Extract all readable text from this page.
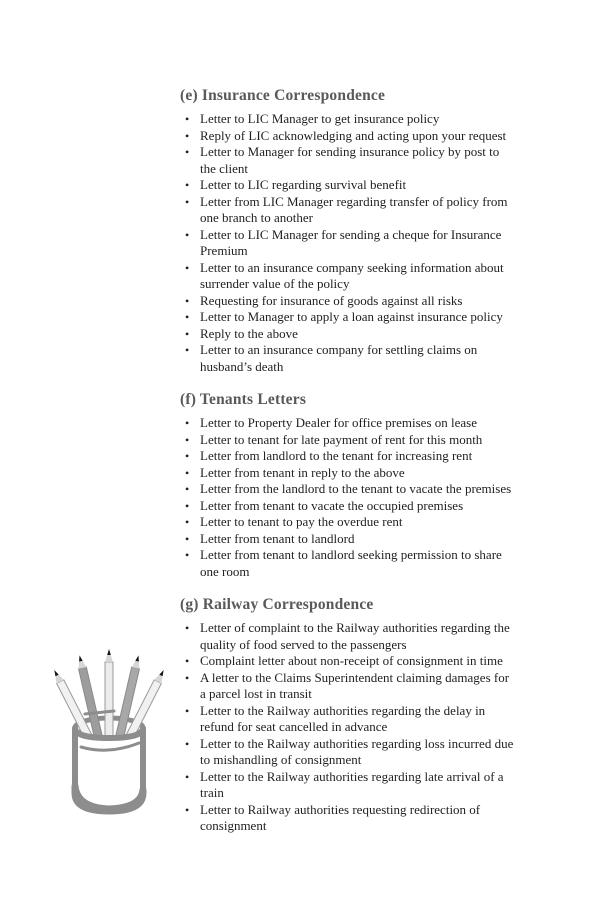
(e) Insurance Correspondence
• Letter to LIC Manager to get insurance policy
• Reply of LIC acknowledging and acting upon your request
• Letter to Manager for sending insurance policy by post to the client
• Letter to LIC regarding survival benefit
• Letter from LIC Manager regarding transfer of policy from one branch to another
• Letter to LIC Manager for sending a cheque for Insurance Premium
• Letter to an insurance company seeking information about surrender value of the policy
• Requesting for insurance of goods against all risks
• Letter to Manager to apply a loan against insurance policy
• Reply to the above
• Letter to an insurance company for settling claims on husband’s death
(f) Tenants Letters
• Letter to Property Dealer for office premises on lease
• Letter to tenant for late payment of rent for this month
• Letter from landlord to the tenant for increasing rent
• Letter from tenant in reply to the above
• Letter from the landlord to the tenant to vacate the premises
• Letter from tenant to vacate the occupied premises
• Letter to tenant to pay the overdue rent
• Letter from tenant to landlord
• Letter from tenant to landlord seeking permission to share one room
(g) Railway Correspondence
• Letter of complaint to the Railway authorities regarding the quality of food served to the passengers
• Complaint letter about non-receipt of consignment in time
• A letter to the Claims Superintendent claiming damages for a parcel lost in transit
• Letter to the Railway authorities regarding the delay in refund for seat cancelled in advance
• Letter to the Railway authorities regarding loss incurred due to mishandling of consignment
• Letter to the Railway authorities regarding late arrival of a train
• Letter to Railway authorities requesting redirection of consignment
